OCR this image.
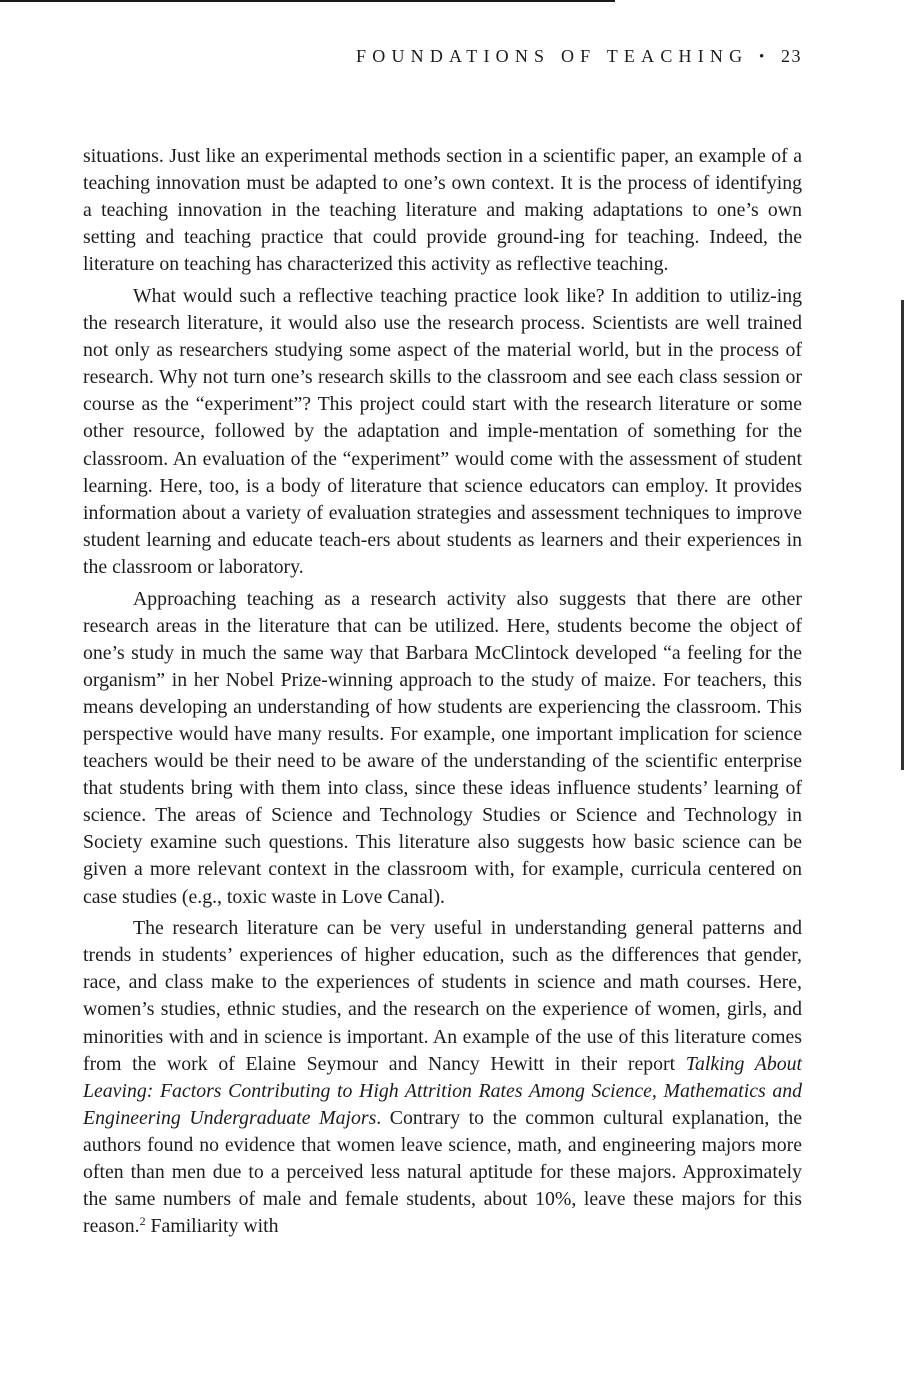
FOUNDATIONS OF TEACHING • 23

situations. Just like an experimental methods section in a scientific paper, an example of a teaching innovation must be adapted to one’s own context. It is the process of identifying a teaching innovation in the teaching literature and making adaptations to one’s own setting and teaching practice that could provide ground-ing for teaching. Indeed, the literature on teaching has characterized this activity as reflective teaching.

What would such a reflective teaching practice look like? In addition to utiliz-ing the research literature, it would also use the research process. Scientists are well trained not only as researchers studying some aspect of the material world, but in the process of research. Why not turn one’s research skills to the classroom and see each class session or course as the “experiment”? This project could start with the research literature or some other resource, followed by the adaptation and imple-mentation of something for the classroom. An evaluation of the “experiment” would come with the assessment of student learning. Here, too, is a body of literature that science educators can employ. It provides information about a variety of evaluation strategies and assessment techniques to improve student learning and educate teach-ers about students as learners and their experiences in the classroom or laboratory.

Approaching teaching as a research activity also suggests that there are other research areas in the literature that can be utilized. Here, students become the object of one’s study in much the same way that Barbara McClintock developed “a feeling for the organism” in her Nobel Prize-winning approach to the study of maize. For teachers, this means developing an understanding of how students are experiencing the classroom. This perspective would have many results. For example, one important implication for science teachers would be their need to be aware of the understanding of the scientific enterprise that students bring with them into class, since these ideas influence students’ learning of science. The areas of Science and Technology Studies or Science and Technology in Society examine such questions. This literature also suggests how basic science can be given a more relevant context in the classroom with, for example, curricula centered on case studies (e.g., toxic waste in Love Canal).

The research literature can be very useful in understanding general patterns and trends in students’ experiences of higher education, such as the differences that gender, race, and class make to the experiences of students in science and math courses. Here, women’s studies, ethnic studies, and the research on the experience of women, girls, and minorities with and in science is important. An example of the use of this literature comes from the work of Elaine Seymour and Nancy Hewitt in their report Talking About Leaving: Factors Contributing to High Attrition Rates Among Science, Mathematics and Engineering Undergraduate Majors. Contrary to the common cultural explanation, the authors found no evidence that women leave science, math, and engineering majors more often than men due to a perceived less natural aptitude for these majors. Approximately the same numbers of male and female students, about 10%, leave these majors for this reason.$^2$ Familiarity with
